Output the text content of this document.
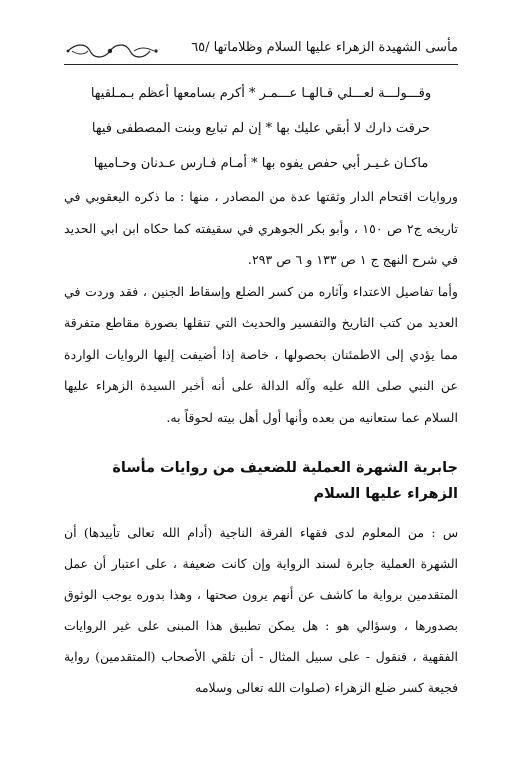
مأسى الشهيدة الزهراء عليها السلام وظلاماتها /٦٥

وقـــولـــة لعـــلي قـالهـا عـــمـر * أكرم بسامعها أعظم بـمـلقيها

حرقت دارك لا أبقي عليك بها * إن لم تبايع وبنت المصطفى فيها

ماكـان غـيـر أبي حفص يفوه بها * أمـام فـارس عـدنان وحـاميها

وروايات اقتحام الدار وثقتها عدة من المصادر ، منها : ما ذكره اليعقوبي في تاريخه ج٢ ص ١٥٠ ، وأبو بكر الجوهري في سقيفته كما حكاه ابن ابي الحديد في شرح النهج ج ١ ص ١٣٣ و ٦ ص ٢٩٣.

وأما تفاصيل الاعتداء وآثاره من كسر الضلع وإسقاط الجنين ، فقد وردت في العديد من كتب التاريخ والتفسير والحديث التي تنقلها بصورة مقاطع متفرقة مما يؤدي إلى الاطمئنان بحصولها ، خاصة إذا أضيفت إليها الروايات الواردة عن النبي صلى الله عليه وآله الدالة على أنه أخبر السيدة الزهراء عليها السلام عما ستعانيه من بعده وأنها أول أهل بيته لحوقاً به.

جابرية الشهرة العملية للضعيف من روايات مأساة الزهراء عليها السلام

س : من المعلوم لدى فقهاء الفرقة الناجية (أدام الله تعالى تأييدها) أن الشهرة العملية جابرة لسند الرواية وإن كانت ضعيفة ، على اعتبار أن عمل المتقدمين برواية ما كاشف عن أنهم يرون صحتها ، وهذا بدوره يوجب الوثوق بصدورها ، وسؤالي هو : هل يمكن تطبيق هذا المبنى على غير الروايات الفقهية ، فنقول - على سبيل المثال - أن تلقي الأصحاب (المتقدمين) رواية فجيعة كسر ضلع الزهراء (صلوات الله تعالى وسلامه
